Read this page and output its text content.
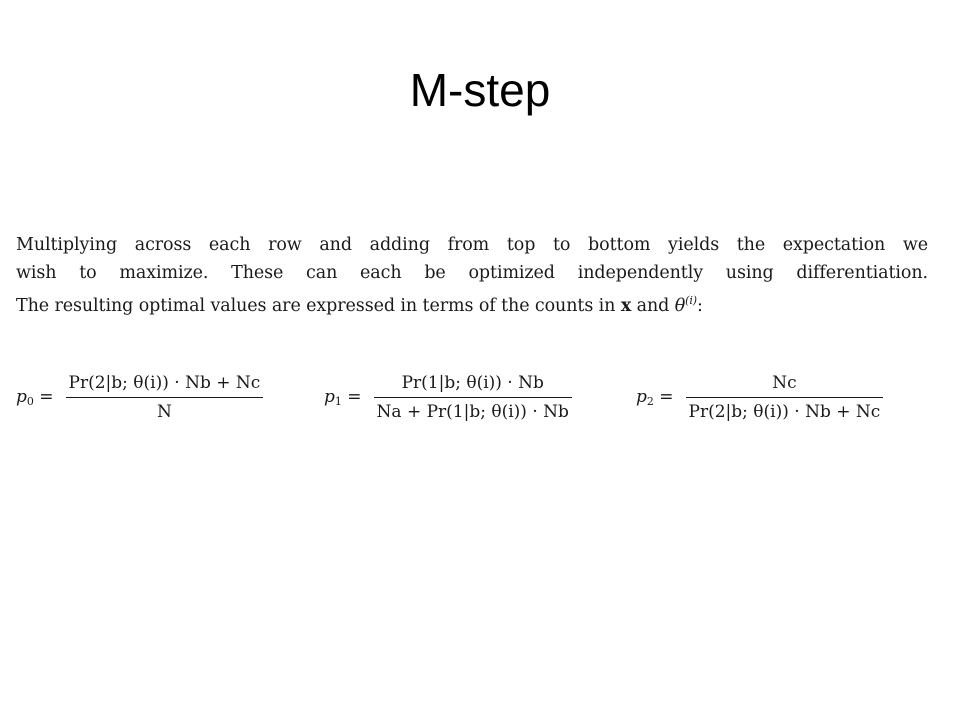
M-step

Multiplying across each row and adding from top to bottom yields the expectation we
wish to maximize. These can each be optimized independently using differentiation.
The resulting optimal values are expressed in terms of the counts in x and $\theta^{(i)}$:

$p_0 = \frac{Pr(2|b; \theta(i)) \cdot Nb + Nc}{N}$	$p_1 = \frac{Pr(1|b; \theta(i)) \cdot Nb}{Na + Pr(1|b; \theta(i)) \cdot Nb}$	$p_2 = \frac{Nc}{Pr(2|b; \theta(i)) \cdot Nb + Nc}$
